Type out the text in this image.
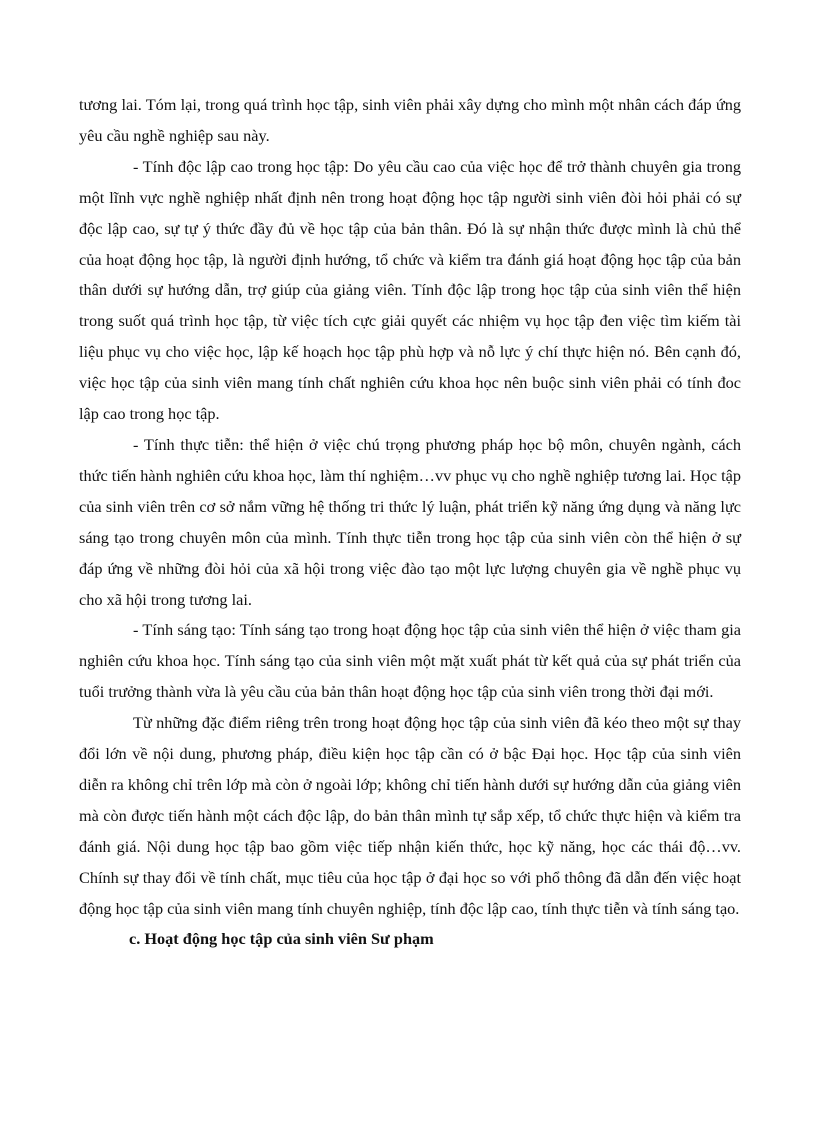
tương lai. Tóm lại, trong quá trình học tập, sinh viên phải xây dựng cho mình một nhân cách đáp ứng yêu cầu nghề nghiệp sau này.

- Tính độc lập cao trong học tập: Do yêu cầu cao của việc học để trở thành chuyên gia trong một lĩnh vực nghề nghiệp nhất định nên trong hoạt động học tập người sinh viên đòi hỏi phải có sự độc lập cao, sự tự ý thức đầy đủ về học tập của bản thân. Đó là sự nhận thức được mình là chủ thể của hoạt động học tập, là người định hướng, tổ chức và kiểm tra đánh giá hoạt động học tập của bản thân dưới sự hướng dẫn, trợ giúp của giảng viên. Tính độc lập trong học tập của sinh viên thể hiện trong suốt quá trình học tập, từ việc tích cực giải quyết các nhiệm vụ học tập đen việc tìm kiếm tài liệu phục vụ cho việc học, lập kế hoạch học tập phù hợp và nỗ lực ý chí thực hiện nó. Bên cạnh đó, việc học tập của sinh viên mang tính chất nghiên cứu khoa học nên buộc sinh viên phải có tính đoc lập cao trong học tập.

- Tính thực tiễn: thể hiện ở việc chú trọng phương pháp học bộ môn, chuyên ngành, cách thức tiến hành nghiên cứu khoa học, làm thí nghiệm…vv phục vụ cho nghề nghiệp tương lai. Học tập của sinh viên trên cơ sở nắm vững hệ thống tri thức lý luận, phát triển kỹ năng ứng dụng và năng lực sáng tạo trong chuyên môn của mình. Tính thực tiễn trong học tập của sinh viên còn thể hiện ở sự đáp ứng về những đòi hỏi của xã hội trong việc đào tạo một lực lượng chuyên gia về nghề phục vụ cho xã hội trong tương lai.

- Tính sáng tạo: Tính sáng tạo trong hoạt động học tập của sinh viên thể hiện ở việc tham gia nghiên cứu khoa học. Tính sáng tạo của sinh viên một mặt xuất phát từ kết quả của sự phát triển của tuổi trưởng thành vừa là yêu cầu của bản thân hoạt động học tập của sinh viên trong thời đại mới.

Từ những đặc điểm riêng trên trong hoạt động học tập của sinh viên đã kéo theo một sự thay đổi lớn về nội dung, phương pháp, điều kiện học tập cần có ở bậc Đại học. Học tập của sinh viên diễn ra không chỉ trên lớp mà còn ở ngoài lớp; không chỉ tiến hành dưới sự hướng dẫn của giảng viên mà còn được tiến hành một cách độc lập, do bản thân mình tự sắp xếp, tổ chức thực hiện và kiểm tra đánh giá. Nội dung học tập bao gồm việc tiếp nhận kiến thức, học kỹ năng, học các thái độ…vv. Chính sự thay đổi về tính chất, mục tiêu của học tập ở đại học so với phổ thông đã dẫn đến việc hoạt động học tập của sinh viên mang tính chuyên nghiệp, tính độc lập cao, tính thực tiễn và tính sáng tạo.

c. Hoạt động học tập của sinh viên Sư phạm
